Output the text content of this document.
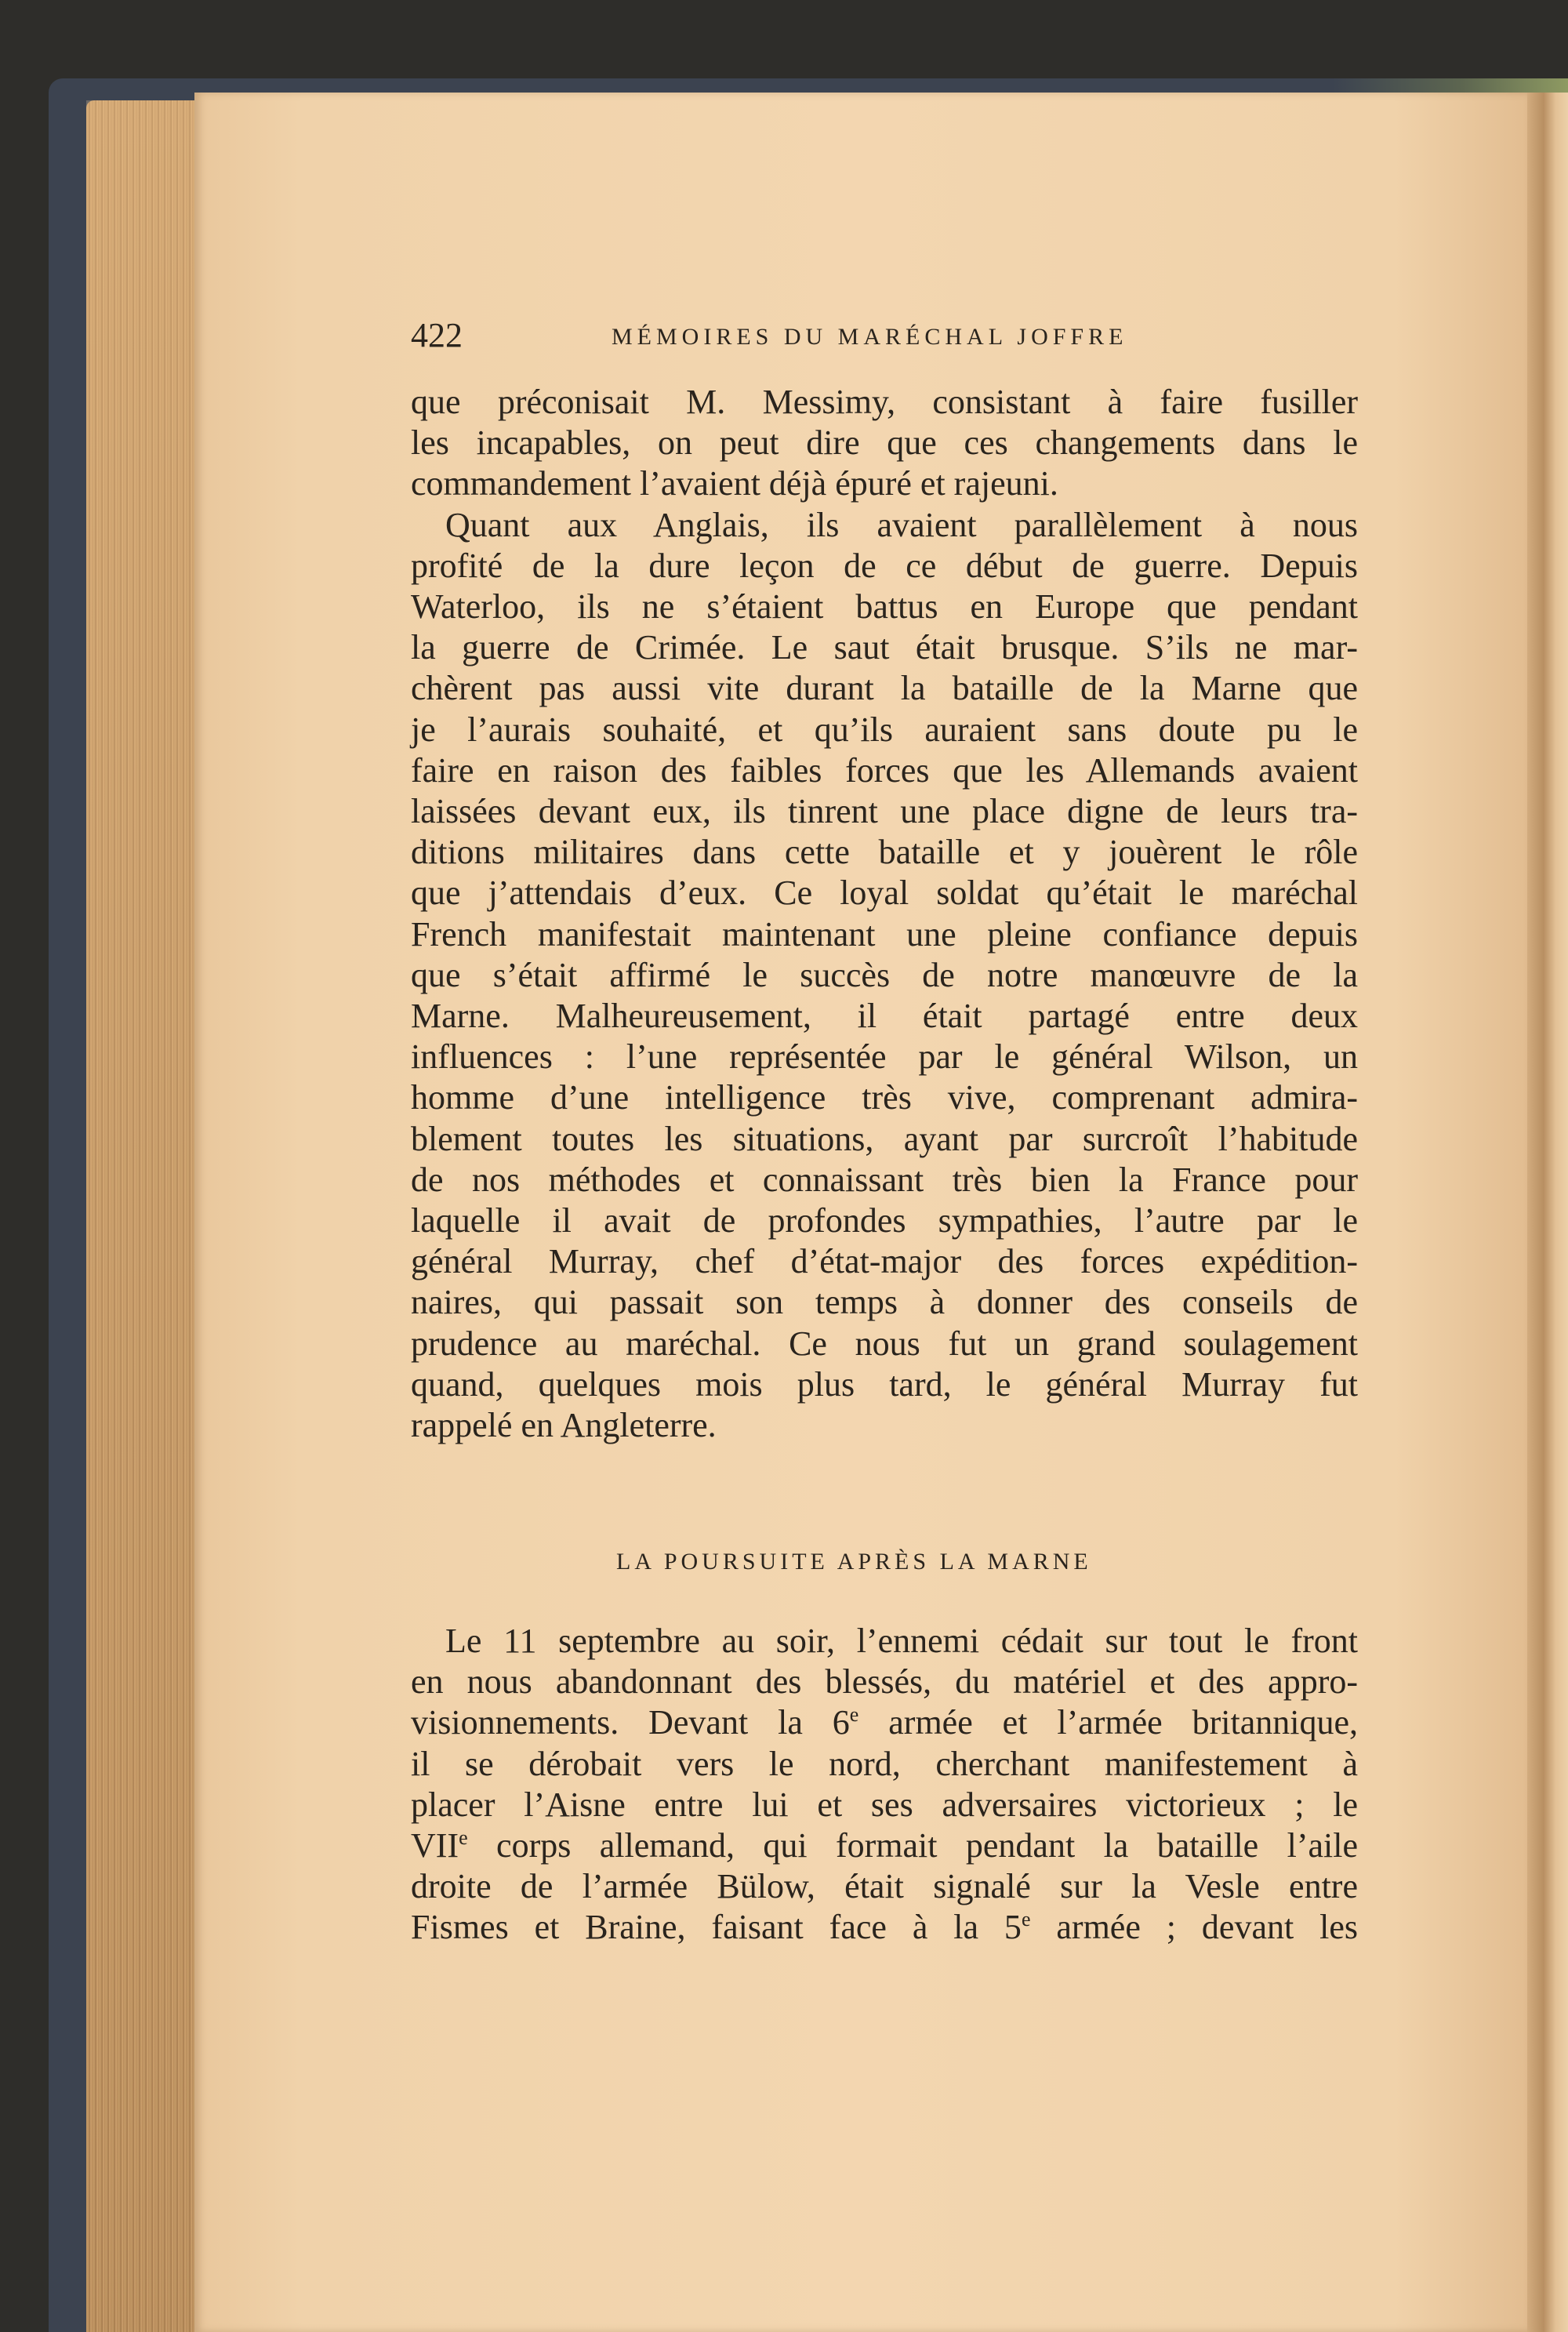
422	MÉMOIRES DU MARÉCHAL JOFFRE
que préconisait M. Messimy, consistant à faire fusiller
les incapables, on peut dire que ces changements dans le
commandement l’avaient déjà épuré et rajeuni.
Quant aux Anglais, ils avaient parallèlement à nous
profité de la dure leçon de ce début de guerre. Depuis
Waterloo, ils ne s’étaient battus en Europe que pendant
la guerre de Crimée. Le saut était brusque. S’ils ne mar-
chèrent pas aussi vite durant la bataille de la Marne que
je l’aurais souhaité, et qu’ils auraient sans doute pu le
faire en raison des faibles forces que les Allemands avaient
laissées devant eux, ils tinrent une place digne de leurs tra-
ditions militaires dans cette bataille et y jouèrent le rôle
que j’attendais d’eux. Ce loyal soldat qu’était le maréchal
French manifestait maintenant une pleine confiance depuis
que s’était affirmé le succès de notre manœuvre de la
Marne. Malheureusement, il était partagé entre deux
influences : l’une représentée par le général Wilson, un
homme d’une intelligence très vive, comprenant admira-
blement toutes les situations, ayant par surcroît l’habitude
de nos méthodes et connaissant très bien la France pour
laquelle il avait de profondes sympathies, l’autre par le
général Murray, chef d’état-major des forces expédition-
naires, qui passait son temps à donner des conseils de
prudence au maréchal. Ce nous fut un grand soulagement
quand, quelques mois plus tard, le général Murray fut
rappelé en Angleterre.
LA POURSUITE APRÈS LA MARNE
Le 11 septembre au soir, l’ennemi cédait sur tout le front
en nous abandonnant des blessés, du matériel et des appro-
visionnements. Devant la 6e armée et l’armée britannique,
il se dérobait vers le nord, cherchant manifestement à
placer l’Aisne entre lui et ses adversaires victorieux ; le
VIIe corps allemand, qui formait pendant la bataille l’aile
droite de l’armée Bülow, était signalé sur la Vesle entre
Fismes et Braine, faisant face à la 5e armée ; devant les
